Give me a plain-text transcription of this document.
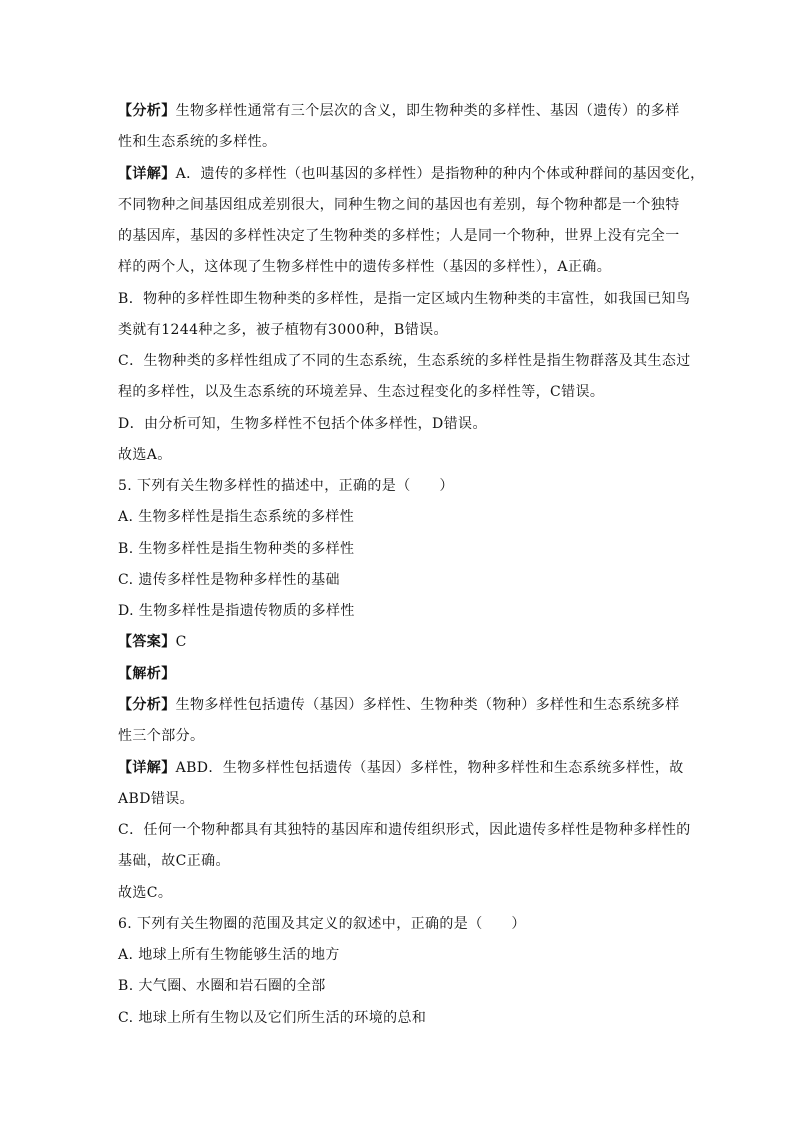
【分析】生物多样性通常有三个层次的含义，即生物种类的多样性、基因（遗传）的多样
性和生态系统的多样性。
【详解】A．遗传的多样性（也叫基因的多样性）是指物种的种内个体或种群间的基因变化，
不同物种之间基因组成差别很大，同种生物之间的基因也有差别，每个物种都是一个独特
的基因库，基因的多样性决定了生物种类的多样性；人是同一个物种，世界上没有完全一
样的两个人，这体现了生物多样性中的遗传多样性（基因的多样性），A正确。
B．物种的多样性即生物种类的多样性，是指一定区域内生物种类的丰富性，如我国已知鸟
类就有1244种之多，被子植物有3000种，B错误。
C．生物种类的多样性组成了不同的生态系统，生态系统的多样性是指生物群落及其生态过
程的多样性，以及生态系统的环境差异、生态过程变化的多样性等，C错误。
D．由分析可知，生物多样性不包括个体多样性，D错误。
故选A。
5. 下列有关生物多样性的描述中，正确的是（　　）
A. 生物多样性是指生态系统的多样性
B. 生物多样性是指生物种类的多样性
C. 遗传多样性是物种多样性的基础
D. 生物多样性是指遗传物质的多样性
【答案】C
【解析】
【分析】生物多样性包括遗传（基因）多样性、生物种类（物种）多样性和生态系统多样
性三个部分。
【详解】ABD．生物多样性包括遗传（基因）多样性，物种多样性和生态系统多样性，故
ABD错误。
C．任何一个物种都具有其独特的基因库和遗传组织形式，因此遗传多样性是物种多样性的
基础，故C正确。
故选C。
6. 下列有关生物圈的范围及其定义的叙述中，正确的是（　　）
A. 地球上所有生物能够生活的地方
B. 大气圈、水圈和岩石圈的全部
C. 地球上所有生物以及它们所生活的环境的总和
